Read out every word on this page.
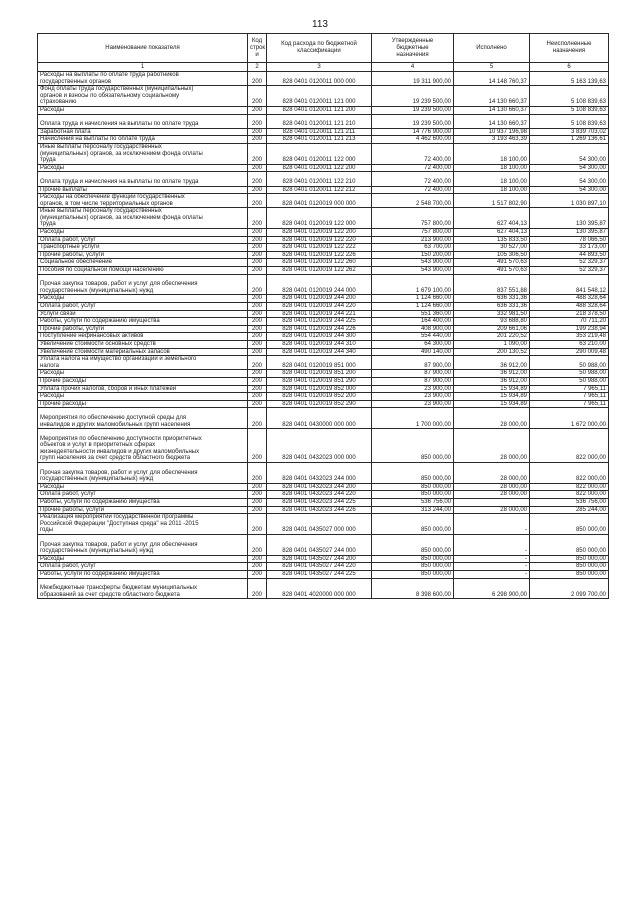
113
Наименование показателя	Код
строк
и	Код расхода по бюджетной
классификации	Утвержденные
бюджетные
назначения	Исполнено	Неисполненные
назначения
1	2	3	4	5	6
Расходы на выплаты по оплате труда работников
государственных органов	200	828 0401 0120011 000 000	19 311 900,00	14 148 760,37	5 163 139,63
Фонд оплаты труда государственных (муниципальных)
органов и взносы по обязательному социальному
страхованию	200	828 0401 0120011 121 000	19 239 500,00	14 130 660,37	5 108 839,63
Расходы	200	828 0401 0120011 121 200	19 239 500,00	14 130 660,37	5 108 839,63

Оплата труда и начисления на выплаты по оплате труда	200	828 0401 0120011 121 210	19 239 500,00	14 130 660,37	5 108 839,63
Заработная плата	200	828 0401 0120011 121 211	14 776 900,00	10 937 196,98	3 839 703,02
Начисления на выплаты по оплате труда	200	828 0401 0120011 121 213	4 462 600,00	3 193 463,39	1 269 136,61
Иные выплаты персоналу государственных
(муниципальных) органов, за исключением фонда оплаты
труда	200	828 0401 0120011 122 000	72 400,00	18 100,00	54 300,00
Расходы	200	828 0401 0120011 122 200	72 400,00	18 100,00	54 300,00

Оплата труда и начисления на выплаты по оплате труда	200	828 0401 0120011 122 210	72 400,00	18 100,00	54 300,00
Прочие выплаты	200	828 0401 0120011 122 212	72 400,00	18 100,00	54 300,00
Расходы на обеспечение функций государственных
органов, в том числе территориальных органов	200	828 0401 0120019 000 000	2 548 700,00	1 517 802,90	1 030 897,10
Иные выплаты персоналу государственных
(муниципальных) органов, за исключением фонда оплаты
труда	200	828 0401 0120019 122 000	757 800,00	627 404,13	130 395,87
Расходы	200	828 0401 0120019 122 200	757 800,00	627 404,13	130 395,87
Оплата работ, услуг	200	828 0401 0120019 122 220	213 900,00	135 833,50	78 066,50
Транспортные услуги	200	828 0401 0120019 122 222	63 700,00	30 527,00	33 173,00
Прочие работы, услуги	200	828 0401 0120019 122 226	150 200,00	105 306,50	44 893,50
Социальное обеспечение	200	828 0401 0120019 122 260	543 900,00	491 570,63	52 329,37
Пособия по социальной помощи населению	200	828 0401 0120019 122 262	543 900,00	491 570,63	52 329,37

Прочая закупка товаров, работ и услуг для обеспечения
государственных (муниципальных) нужд	200	828 0401 0120019 244 000	1 679 100,00	837 551,88	841 548,12
Расходы	200	828 0401 0120019 244 200	1 124 660,00	636 331,36	488 328,64
Оплата работ, услуг	200	828 0401 0120019 244 220	1 124 660,00	636 331,36	488 328,64
Услуги связи	200	828 0401 0120019 244 221	551 360,00	332 981,50	218 378,50
Работы, услуги по содержанию имущества	200	828 0401 0120019 244 225	164 400,00	93 688,80	70 711,20
Прочие работы, услуги	200	828 0401 0120019 244 226	408 900,00	209 661,06	199 238,94
Поступление нефинансовых активов	200	828 0401 0120019 244 300	554 440,00	201 220,52	353 219,48
Увеличение стоимости основных средств	200	828 0401 0120019 244 310	64 300,00	1 090,00	63 210,00
Увеличение стоимости материальных запасов	200	828 0401 0120019 244 340	490 140,00	200 130,52	290 009,48
Уплата налога на имущество организаций и земельного
налога	200	828 0401 0120019 851 000	87 900,00	36 912,00	50 988,00
Расходы	200	828 0401 0120019 851 200	87 900,00	36 912,00	50 988,00
Прочие расходы	200	828 0401 0120019 851 290	87 900,00	36 912,00	50 988,00
Уплата прочих налогов, сборов и иных платежей	200	828 0401 0120019 852 000	23 900,00	15 934,89	7 965,11
Расходы	200	828 0401 0120019 852 200	23 900,00	15 934,89	7 965,11
Прочие расходы	200	828 0401 0120019 852 290	23 900,00	15 934,89	7 965,11

Мероприятия по обеспечению доступной среды для
инвалидов и других маломобильных групп населения	200	828 0401 0430000 000 000	1 700 000,00	28 000,00	1 672 000,00

Мероприятия по обеспечению доступности приоритетных
объектов и услуг в приоритетных сферах
жизнедеятельности инвалидов и других маломобильных
групп населения за счет средств областного бюджета	200	828 0401 0432023 000 000	850 000,00	28 000,00	822 000,00

Прочая закупка товаров, работ и услуг для обеспечения
государственных (муниципальных) нужд	200	828 0401 0432023 244 000	850 000,00	28 000,00	822 000,00
Расходы	200	828 0401 0432023 244 200	850 000,00	28 000,00	822 000,00
Оплата работ, услуг	200	828 0401 0432023 244 220	850 000,00	28 000,00	822 000,00
Работы, услуги по содержанию имущества	200	828 0401 0432023 244 225	536 756,00		536 756,00
Прочие работы, услуги	200	828 0401 0432023 244 226	313 244,00	28 000,00	285 244,00
Реализация мероприятий государственной программы
Российской Федерации "Доступная среда" на 2011 -2015
годы	200	828 0401 0435027 000 000	850 000,00	-	850 000,00

Прочая закупка товаров, работ и услуг для обеспечения
государственных (муниципальных) нужд	200	828 0401 0435027 244 000	850 000,00	-	850 000,00
Расходы	200	828 0401 0435027 244 200	850 000,00	-	850 000,00
Оплата работ, услуг	200	828 0401 0435027 244 220	850 000,00	-	850 000,00
Работы, услуги по содержанию имущества	200	828 0401 0435027 244 225	850 000,00	-	850 000,00

Межбюджетные трансферты бюджетам муниципальных
образований за счет средств областного бюджета	200	828 0401 4020000 000 000	8 398 600,00	6 298 900,00	2 099 700,00
